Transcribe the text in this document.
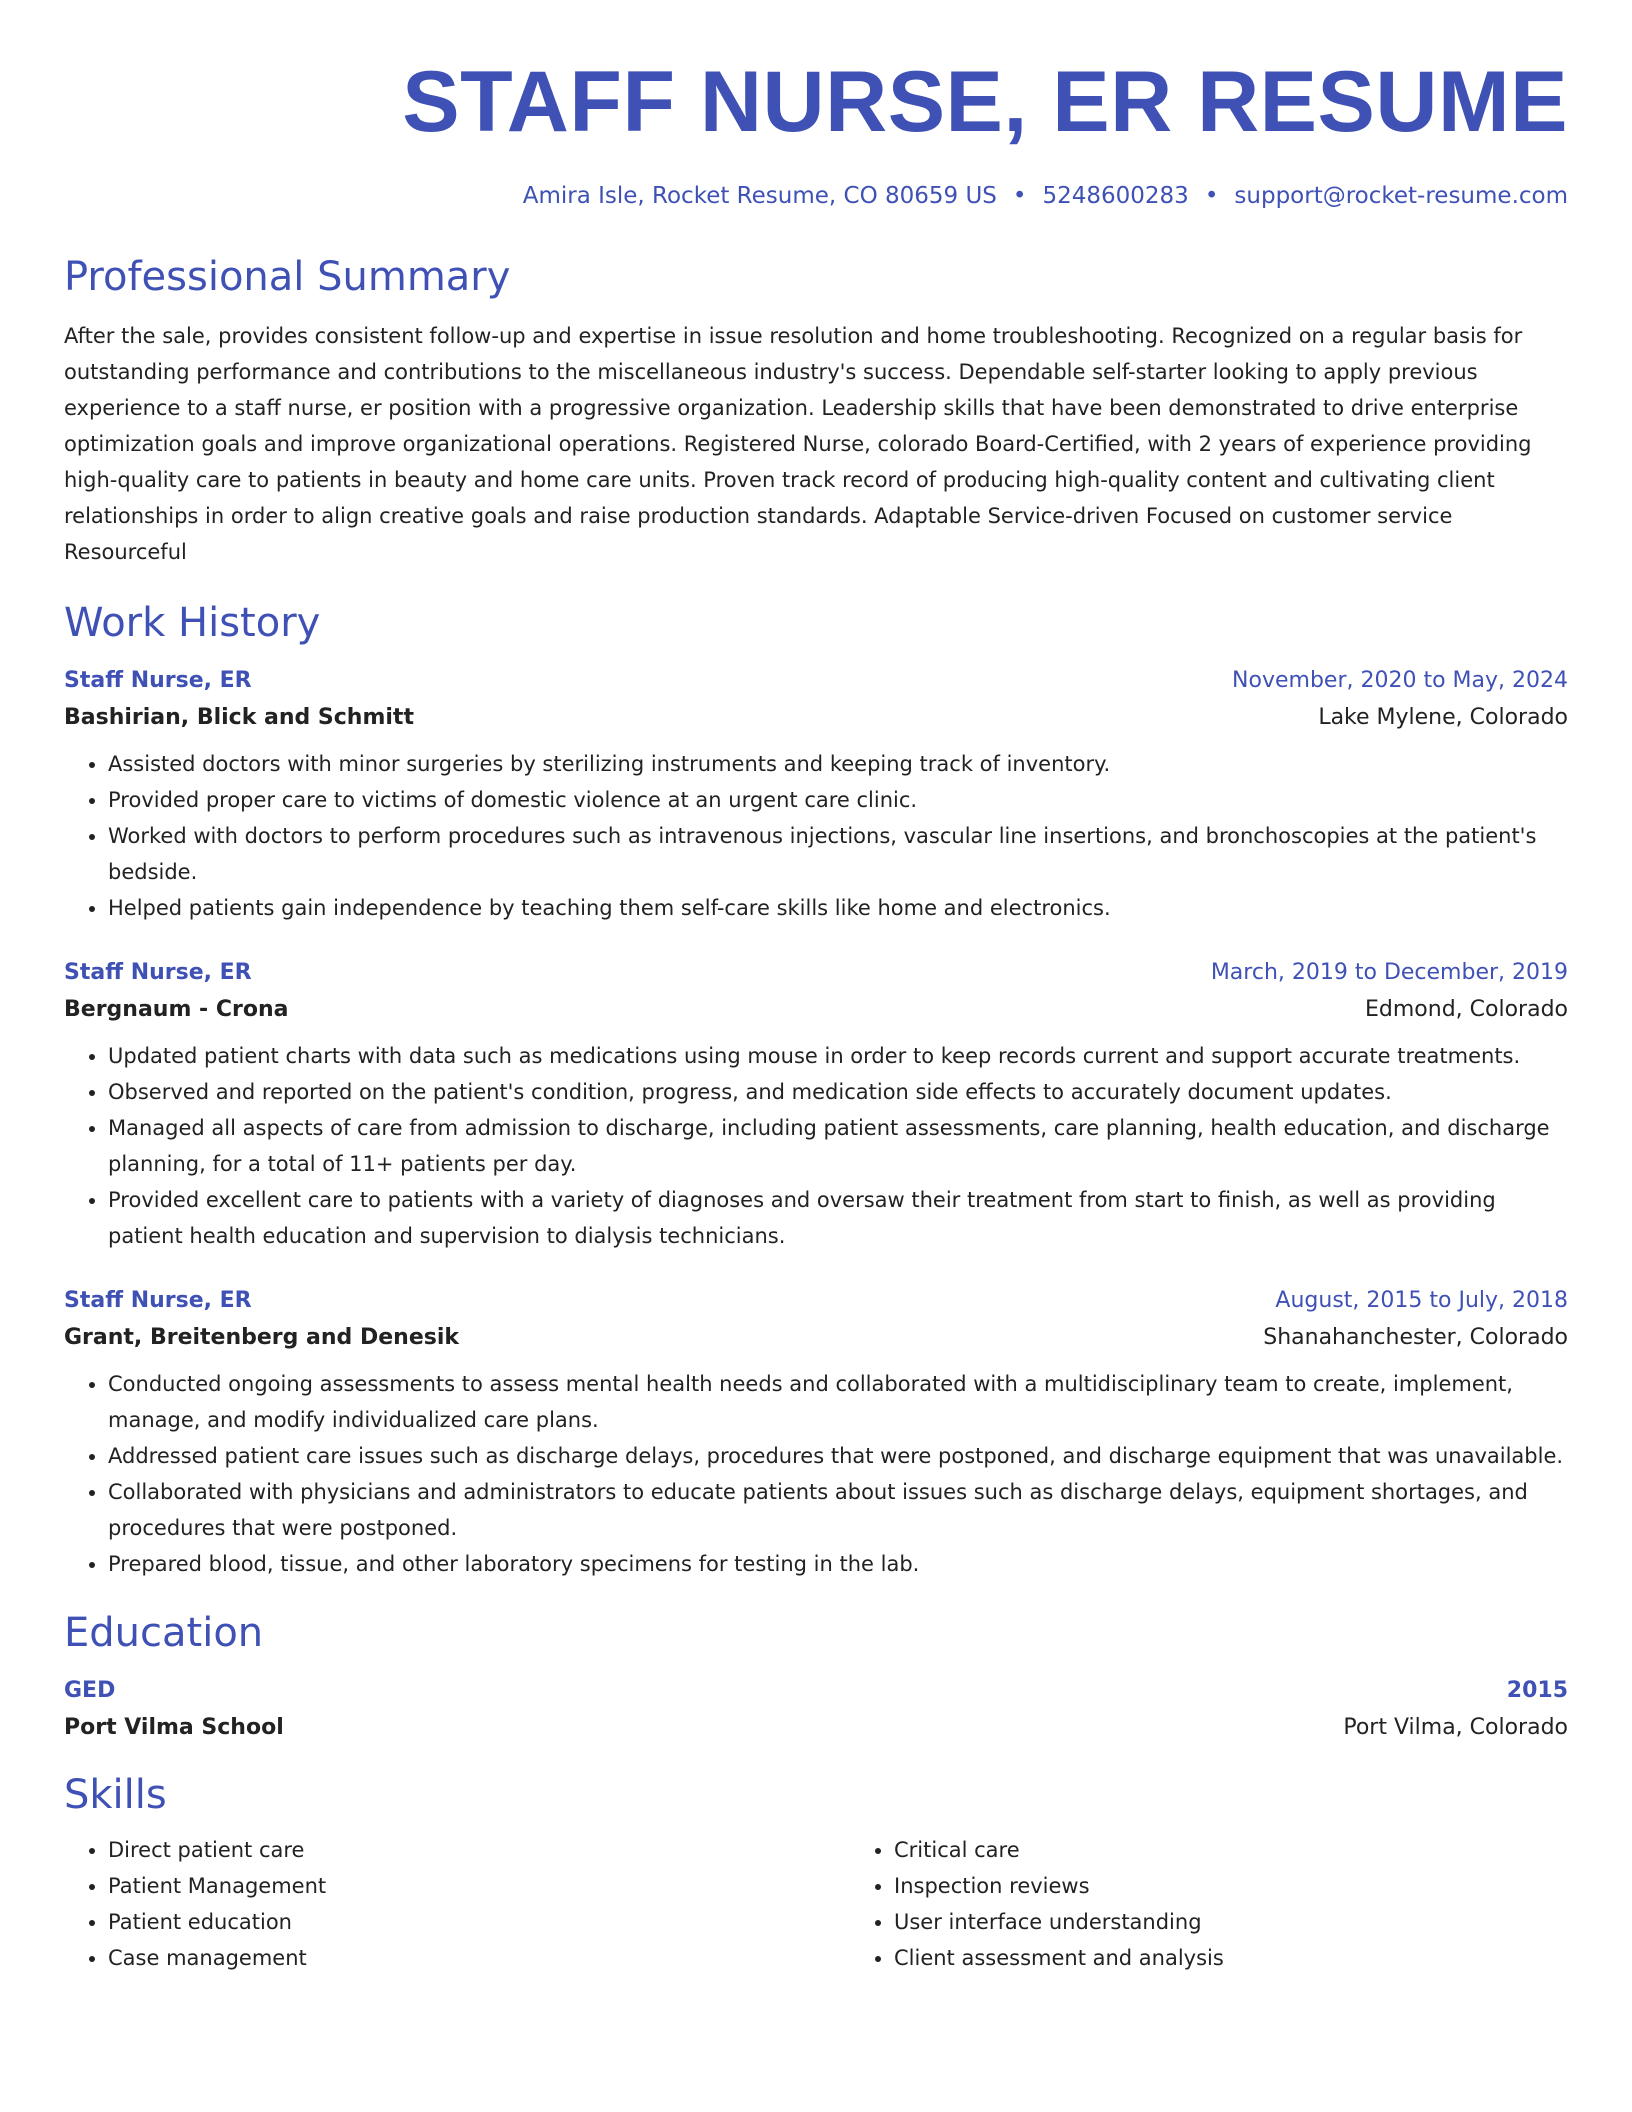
STAFF NURSE, ER RESUME
Amira Isle, Rocket Resume, CO 80659 US • 5248600283 • support@rocket-resume.com
Professional Summary

After the sale, provides consistent follow-up and expertise in issue resolution and home troubleshooting. Recognized on a regular basis for outstanding performance and contributions to the miscellaneous industry's success. Dependable self-starter looking to apply previous experience to a staff nurse, er position with a progressive organization. Leadership skills that have been demonstrated to drive enterprise optimization goals and improve organizational operations. Registered Nurse, colorado Board-Certified, with 2 years of experience providing high-quality care to patients in beauty and home care units. Proven track record of producing high-quality content and cultivating client relationships in order to align creative goals and raise production standards. Adaptable Service-driven Focused on customer service Resourceful

Work History
Staff Nurse, ER	November, 2020 to May, 2024
Bashirian, Blick and Schmitt	Lake Mylene, Colorado
• Assisted doctors with minor surgeries by sterilizing instruments and keeping track of inventory.
• Provided proper care to victims of domestic violence at an urgent care clinic.
• Worked with doctors to perform procedures such as intravenous injections, vascular line insertions, and bronchoscopies at the patient's bedside.
• Helped patients gain independence by teaching them self-care skills like home and electronics.
Staff Nurse, ER	March, 2019 to December, 2019
Bergnaum - Crona	Edmond, Colorado
• Updated patient charts with data such as medications using mouse in order to keep records current and support accurate treatments.
• Observed and reported on the patient's condition, progress, and medication side effects to accurately document updates.
• Managed all aspects of care from admission to discharge, including patient assessments, care planning, health education, and discharge planning, for a total of 11+ patients per day.
• Provided excellent care to patients with a variety of diagnoses and oversaw their treatment from start to finish, as well as providing patient health education and supervision to dialysis technicians.
Staff Nurse, ER	August, 2015 to July, 2018
Grant, Breitenberg and Denesik	Shanahanchester, Colorado
• Conducted ongoing assessments to assess mental health needs and collaborated with a multidisciplinary team to create, implement, manage, and modify individualized care plans.
• Addressed patient care issues such as discharge delays, procedures that were postponed, and discharge equipment that was unavailable.
• Collaborated with physicians and administrators to educate patients about issues such as discharge delays, equipment shortages, and procedures that were postponed.
• Prepared blood, tissue, and other laboratory specimens for testing in the lab.
Education
GED	2015
Port Vilma School	Port Vilma, Colorado
Skills
• Direct patient care
• Patient Management
• Patient education
• Case management
• Critical care
• Inspection reviews
• User interface understanding
• Client assessment and analysis
